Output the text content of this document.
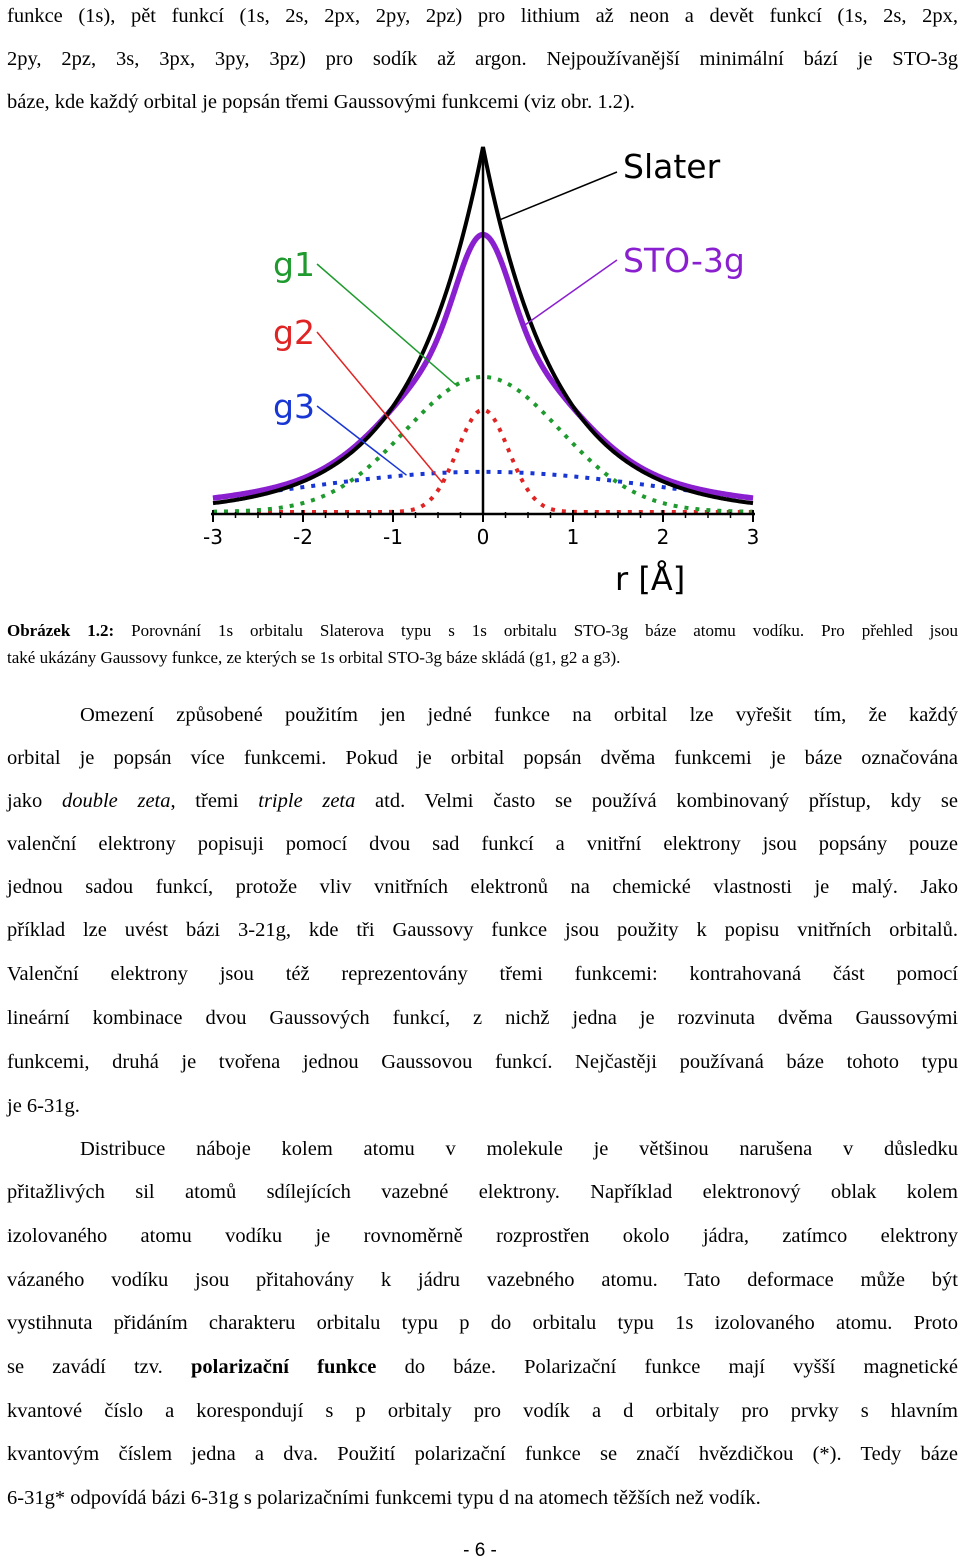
funkce (1s), pět funkcí (1s, 2s, 2px, 2py, 2pz) pro lithium až neon a devět funkcí (1s, 2s, 2px,
2py, 2pz, 3s, 3px, 3py, 3pz) pro sodík až argon. Nejpoužívanější minimální bází je STO-3g
báze, kde každý orbital je popsán třemi Gaussovými funkcemi (viz obr. 1.2).
-3	-2	-1	0	1	2	3
Slater
STO-3g
g1
g2
g3
r [Å]
Obrázek 1.2: Porovnání 1s orbitalu Slaterova typu s 1s orbitalu STO-3g báze atomu vodíku. Pro přehled jsou
také ukázány Gaussovy funkce, ze kterých se 1s orbital STO-3g báze skládá (g1, g2 a g3).
Omezení způsobené použitím jen jedné funkce na orbital lze vyřešit tím, že každý
orbital je popsán více funkcemi. Pokud je orbital popsán dvěma funkcemi je báze označována
jako double zeta, třemi triple zeta atd. Velmi často se používá kombinovaný přístup, kdy se
valenční elektrony popisuji pomocí dvou sad funkcí a vnitřní elektrony jsou popsány pouze
jednou sadou funkcí, protože vliv vnitřních elektronů na chemické vlastnosti je malý. Jako
příklad lze uvést bázi 3-21g, kde tři Gaussovy funkce jsou použity k popisu vnitřních orbitalů.
Valenční elektrony jsou též reprezentovány třemi funkcemi: kontrahovaná část pomocí
lineární kombinace dvou Gaussových funkcí, z nichž jedna je rozvinuta dvěma Gaussovými
funkcemi, druhá je tvořena jednou Gaussovou funkcí. Nejčastěji používaná báze tohoto typu
je 6-31g.
Distribuce náboje kolem atomu v molekule je většinou narušena v důsledku
přitažlivých sil atomů sdílejících vazebné elektrony. Například elektronový oblak kolem
izolovaného atomu vodíku je rovnoměrně rozprostřen okolo jádra, zatímco elektrony
vázaného vodíku jsou přitahovány k jádru vazebného atomu. Tato deformace může být
vystihnuta přidáním charakteru orbitalu typu p do orbitalu typu 1s izolovaného atomu. Proto
se zavádí tzv. polarizační funkce do báze. Polarizační funkce mají vyšší magnetické
kvantové číslo a korespondují s p orbitaly pro vodík a d orbitaly pro prvky s hlavním
kvantovým číslem jedna a dva. Použití polarizační funkce se značí hvězdičkou (*). Tedy báze
6-31g* odpovídá bázi 6-31g s polarizačními funkcemi typu d na atomech těžších než vodík.
- 6 -
